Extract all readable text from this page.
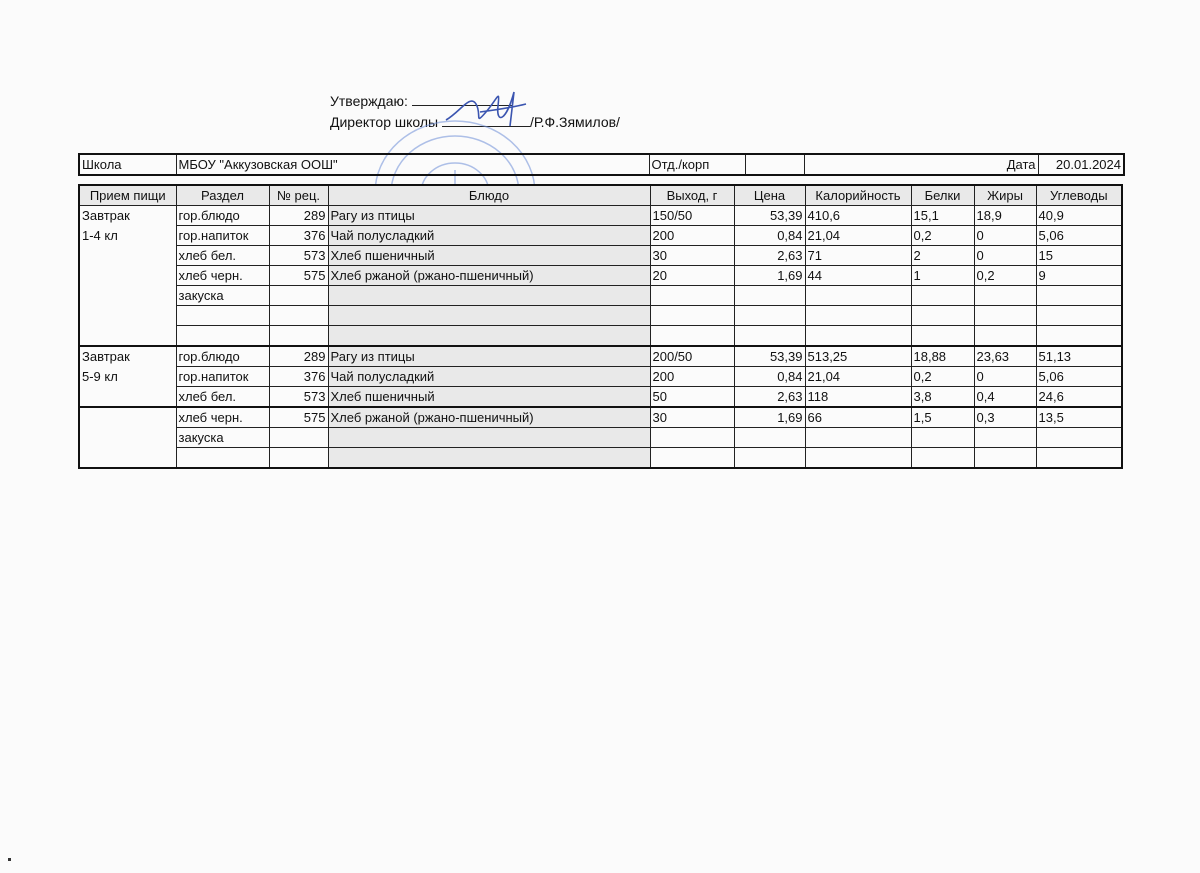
Утверждаю:
Директор школы	/Р.Ф.Зямилов/
Школа	МБОУ "Аккузовская ООШ"	Отд./корп		Дата	20.01.2024
Прием пищи	Раздел	№ рец.	Блюдо	Выход, г	Цена	Калорийность	Белки	Жиры	Углеводы

Завтрак
1-4 кл	гор.блюдо	289	Рагу из птицы	150/50	53,39	410,6	15,1	18,9	40,9
	гор.напиток	376	Чай полусладкий	200	0,84	21,04	0,2	0	5,06
	хлеб бел.	573	Хлеб пшеничный	30	2,63	71	2	0	15
	хлеб черн.	575	Хлеб ржаной (ржано-пшеничный)	20	1,69	44	1	0,2	9
	закуска								

Завтрак
5-9 кл	гор.блюдо	289	Рагу из птицы	200/50	53,39	513,25	18,88	23,63	51,13
	гор.напиток	376	Чай полусладкий	200	0,84	21,04	0,2	0	5,06
	хлеб бел.	573	Хлеб пшеничный	50	2,63	118	3,8	0,4	24,6

	хлеб черн.	575	Хлеб ржаной (ржано-пшеничный)	30	1,69	66	1,5	0,3	13,5
	закуска								
